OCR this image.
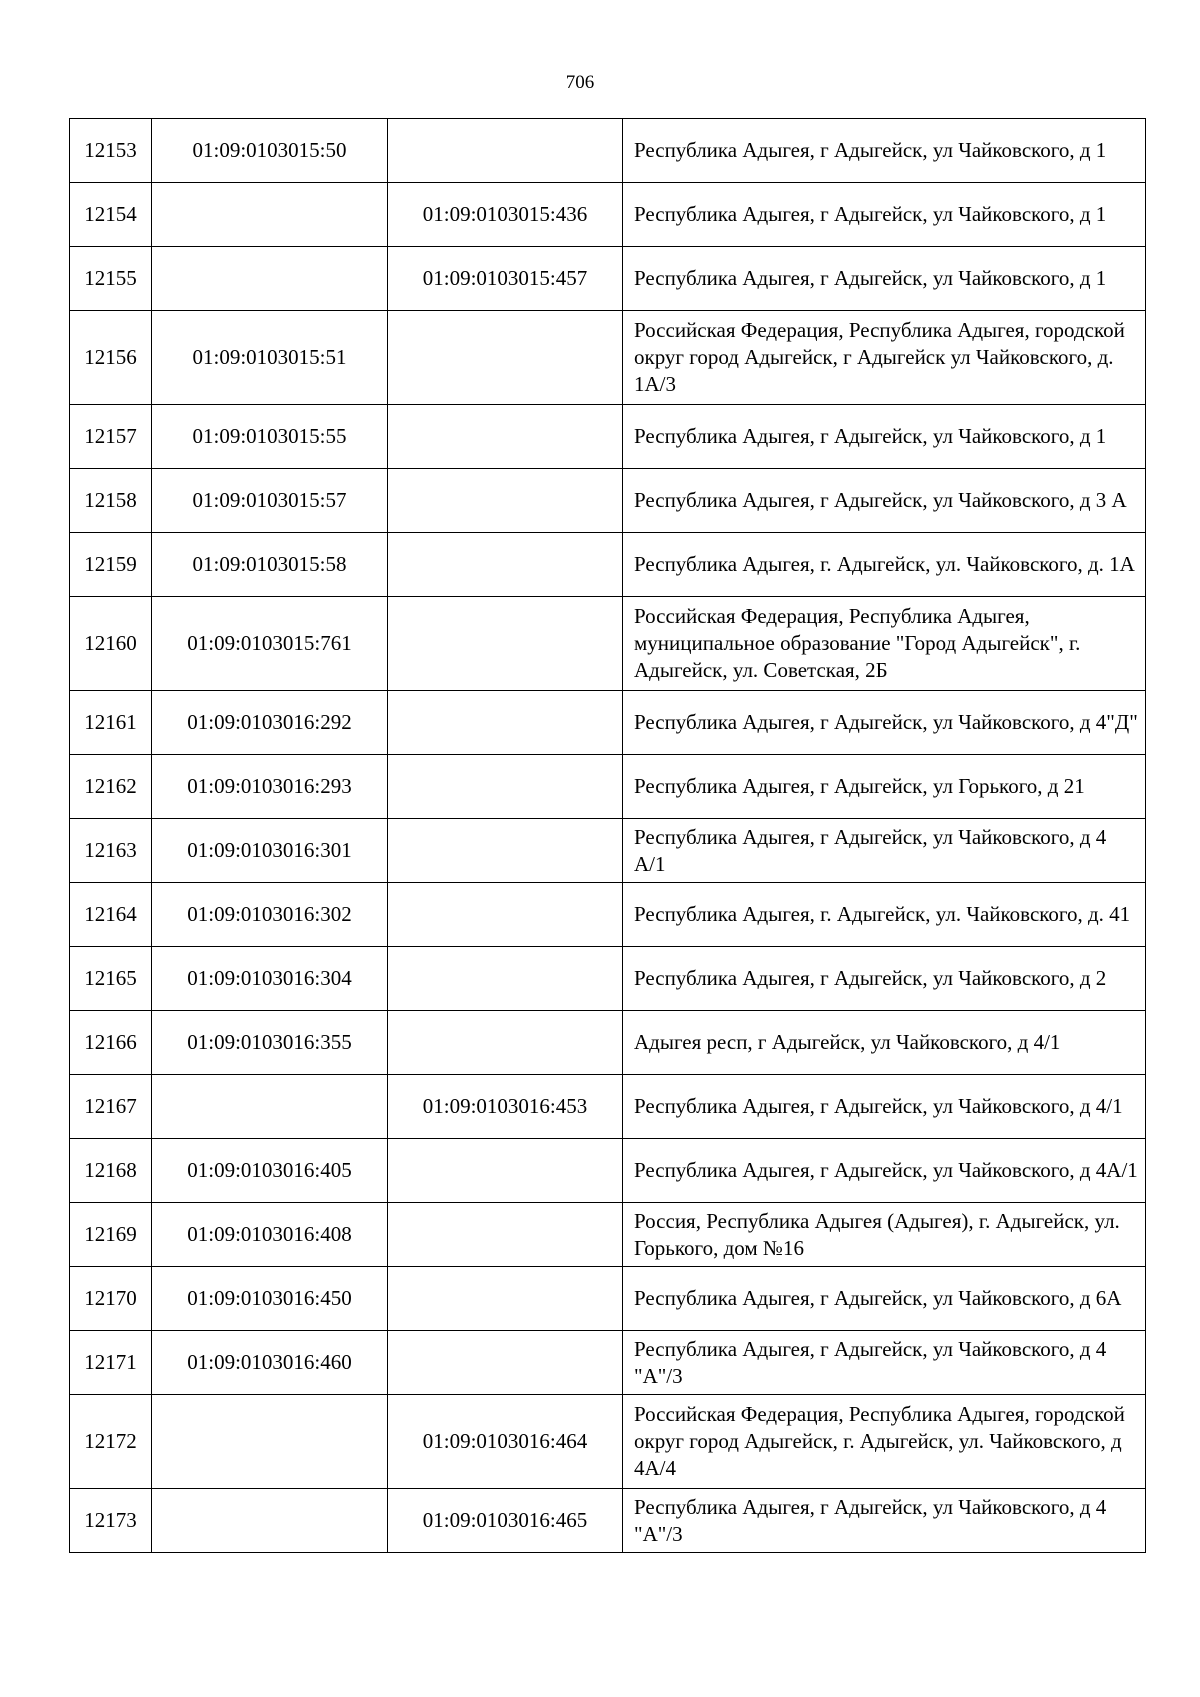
706
12153	01:09:0103015:50		Республика Адыгея, г Адыгейск, ул Чайковского, д 1
12154		01:09:0103015:436	Республика Адыгея, г Адыгейск, ул Чайковского, д 1
12155		01:09:0103015:457	Республика Адыгея, г Адыгейск, ул Чайковского, д 1
12156	01:09:0103015:51		Российская Федерация, Республика Адыгея, городской округ город Адыгейск, г Адыгейск ул Чайковского, д. 1А/3
12157	01:09:0103015:55		Республика Адыгея, г Адыгейск, ул Чайковского, д 1
12158	01:09:0103015:57		Республика Адыгея, г Адыгейск, ул Чайковского, д 3 А
12159	01:09:0103015:58		Республика Адыгея, г. Адыгейск, ул. Чайковского, д. 1А
12160	01:09:0103015:761		Российская Федерация, Республика Адыгея, муниципальное образование "Город Адыгейск", г. Адыгейск, ул. Советская, 2Б
12161	01:09:0103016:292		Республика Адыгея, г Адыгейск, ул Чайковского, д 4"Д"
12162	01:09:0103016:293		Республика Адыгея, г Адыгейск, ул Горького, д 21
12163	01:09:0103016:301		Республика Адыгея, г Адыгейск, ул Чайковского, д 4 А/1
12164	01:09:0103016:302		Республика Адыгея, г. Адыгейск, ул. Чайковского, д. 41
12165	01:09:0103016:304		Республика Адыгея, г Адыгейск, ул Чайковского, д 2
12166	01:09:0103016:355		Адыгея респ, г Адыгейск, ул Чайковского, д 4/1
12167		01:09:0103016:453	Республика Адыгея, г Адыгейск, ул Чайковского, д 4/1
12168	01:09:0103016:405		Республика Адыгея, г Адыгейск, ул Чайковского, д 4А/1
12169	01:09:0103016:408		Россия, Республика Адыгея (Адыгея), г. Адыгейск, ул. Горького, дом №16
12170	01:09:0103016:450		Республика Адыгея, г Адыгейск, ул Чайковского, д 6А
12171	01:09:0103016:460		Республика Адыгея, г Адыгейск, ул Чайковского, д 4 "А"/3
12172		01:09:0103016:464	Российская Федерация, Республика Адыгея, городской округ город Адыгейск, г. Адыгейск, ул. Чайковского, д 4А/4
12173		01:09:0103016:465	Республика Адыгея, г Адыгейск, ул Чайковского, д 4 "А"/3
